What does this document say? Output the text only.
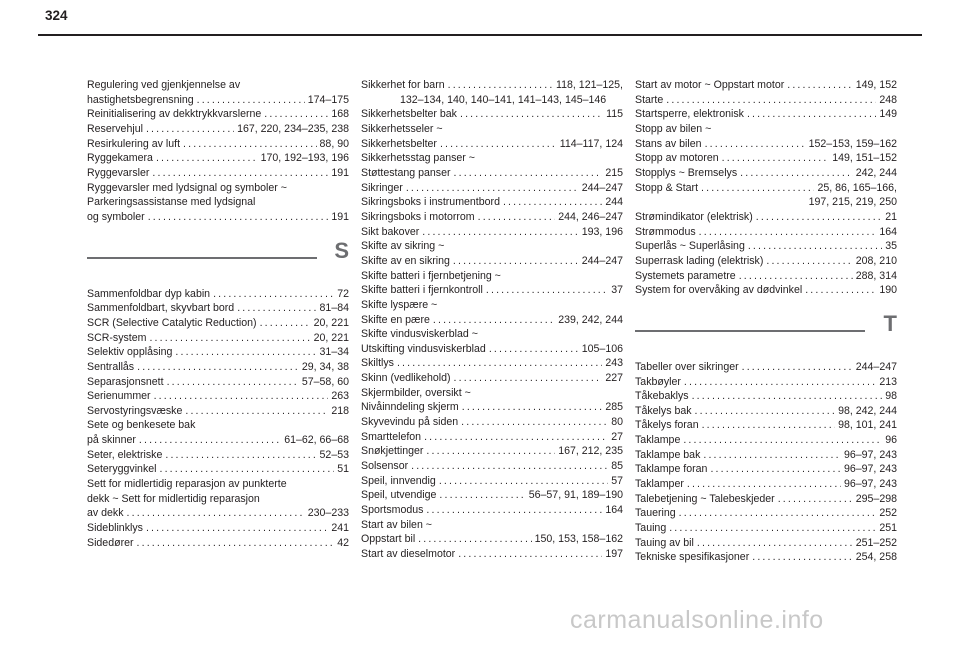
324
Regulering ved gjenkjennelse av
hastighetsbegrensning . . .	174–175
Reinitialisering av dekktrykkvarslerne . . .	168
Reservehjul . . .	167, 220, 234–235, 238
Resirkulering av luft . . .	88, 90
Ryggekamera . . .	170, 192–193, 196
Ryggevarsler . . .	191
Ryggevarsler med lydsignal og symboler ~
Parkeringsassistanse med lydsignal
og symboler . . .	191
S
Sammenfoldbar dyp kabin . . .	72
Sammenfoldbart, skyvbart bord . . .	81–84
SCR (Selective Catalytic Reduction) . . .	20, 221
SCR-system . . .	20, 221
Selektiv opplåsing . . .	31–34
Sentrallås . . .	29, 34, 38
Separasjonsnett . . .	57–58, 60
Serienummer . . .	263
Servostyringsvæske . . .	218
Sete og benkesete bak
på skinner . . .	61–62, 66–68
Seter, elektriske . . .	52–53
Seteryggvinkel . . .	51
Sett for midlertidig reparasjon av punkterte
dekk ~ Sett for midlertidig reparasjon
av dekk . . .	230–233
Sideblinklys . . .	241
Sidedører . . .	42
Sikkerhet for barn . . .	118, 121–125,
132–134, 140, 140–141, 141–143, 145–146
Sikkerhetsbelter bak . . .	115
Sikkerhetsseler ~
Sikkerhetsbelter . . .	114–117, 124
Sikkerhetsstag panser ~
Støttestang panser . . .	215
Sikringer . . .	244–247
Sikringsboks i instrumentbord . . .	244
Sikringsboks i motorrom . . .	244, 246–247
Sikt bakover . . .	193, 196
Skifte av sikring ~
Skifte av en sikring . . .	244–247
Skifte batteri i fjernbetjening ~
Skifte batteri i fjernkontroll . . .	37
Skifte lyspære ~
Skifte en pære . . .	239, 242, 244
Skifte vindusviskerblad ~
Utskifting vindusviskerblad . . .	105–106
Skiltlys . . .	243
Skinn (vedlikehold) . . .	227
Skjermbilder, oversikt ~
Nivåinndeling skjerm . . .	285
Skyvevindu på siden . . .	80
Smarttelefon . . .	27
Snøkjettinger . . .	167, 212, 235
Solsensor . . .	85
Speil, innvendig . . .	57
Speil, utvendige . . .	56–57, 91, 189–190
Sportsmodus . . .	164
Start av bilen ~
Oppstart bil . . .	150, 153, 158–162
Start av dieselmotor . . .	197
Start av motor ~ Oppstart motor . . .	149, 152
Starte . . .	248
Startsperre, elektronisk . . .	149
Stopp av bilen ~
Stans av bilen . . .	152–153, 159–162
Stopp av motoren . . .	149, 151–152
Stopplys ~ Bremselys . . .	242, 244
Stopp & Start . . .	25, 86, 165–166,
197, 215, 219, 250
Strømindikator (elektrisk) . . .	21
Strømmodus . . .	164
Superlås ~ Superlåsing . . .	35
Superrask lading (elektrisk) . . .	208, 210
Systemets parametre . . .	288, 314
System for overvåking av dødvinkel . . .	190
T
Tabeller over sikringer . . .	244–247
Takbøyler . . .	213
Tåkebaklys . . .	98
Tåkelys bak . . .	98, 242, 244
Tåkelys foran . . .	98, 101, 241
Taklampe . . .	96
Taklampe bak . . .	96–97, 243
Taklampe foran . . .	96–97, 243
Taklamper . . .	96–97, 243
Talebetjening ~ Talebeskjeder . . .	295–298
Tauering . . .	252
Tauing . . .	251
Tauing av bil . . .	251–252
Tekniske spesifikasjoner . . .	254, 258
carmanualsonline.info
